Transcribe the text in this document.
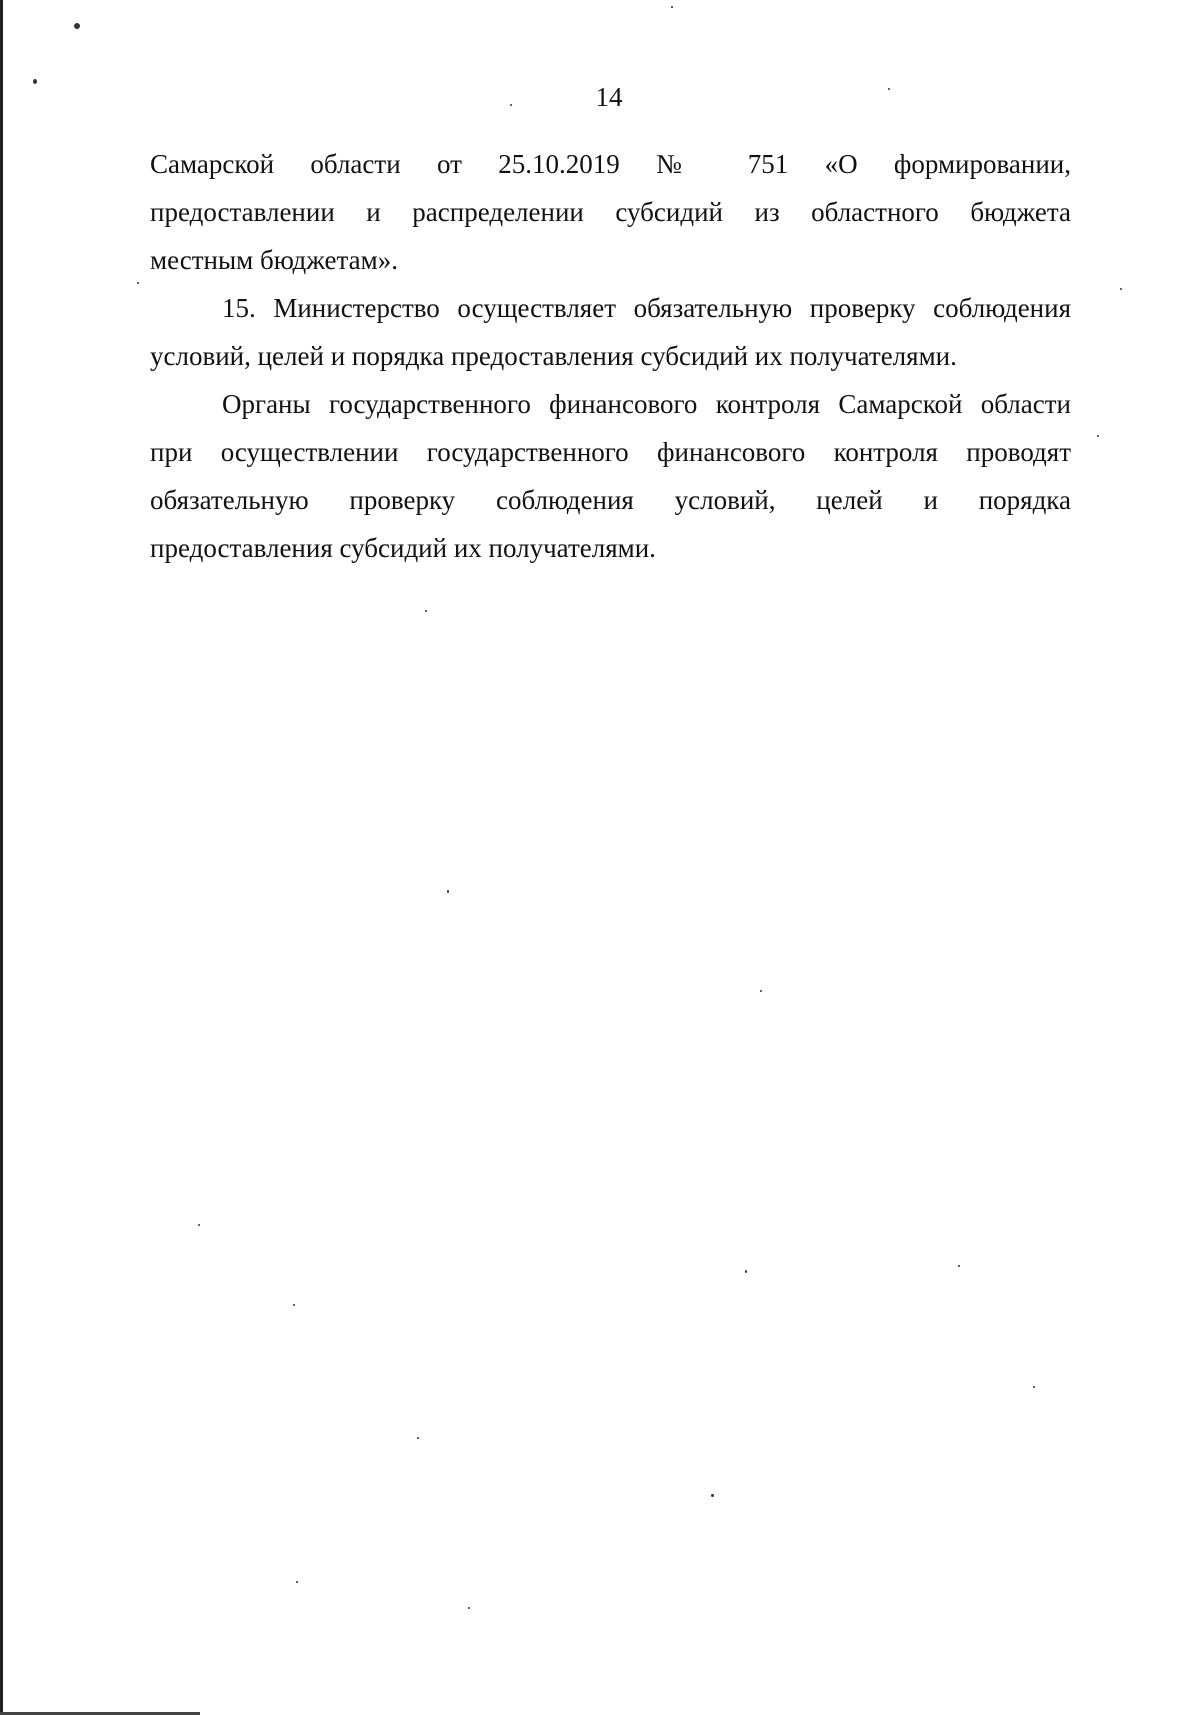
14

Самарской области от 25.10.2019 № 751 «О формировании,
предоставлении и распределении субсидий из областного бюджета
местным бюджетам».

15. Министерство осуществляет обязательную проверку соблюдения
условий, целей и порядка предоставления субсидий их получателями.

Органы государственного финансового контроля Самарской области
при осуществлении государственного финансового контроля проводят
обязательную проверку соблюдения условий, целей и порядка
предоставления субсидий их получателями.
